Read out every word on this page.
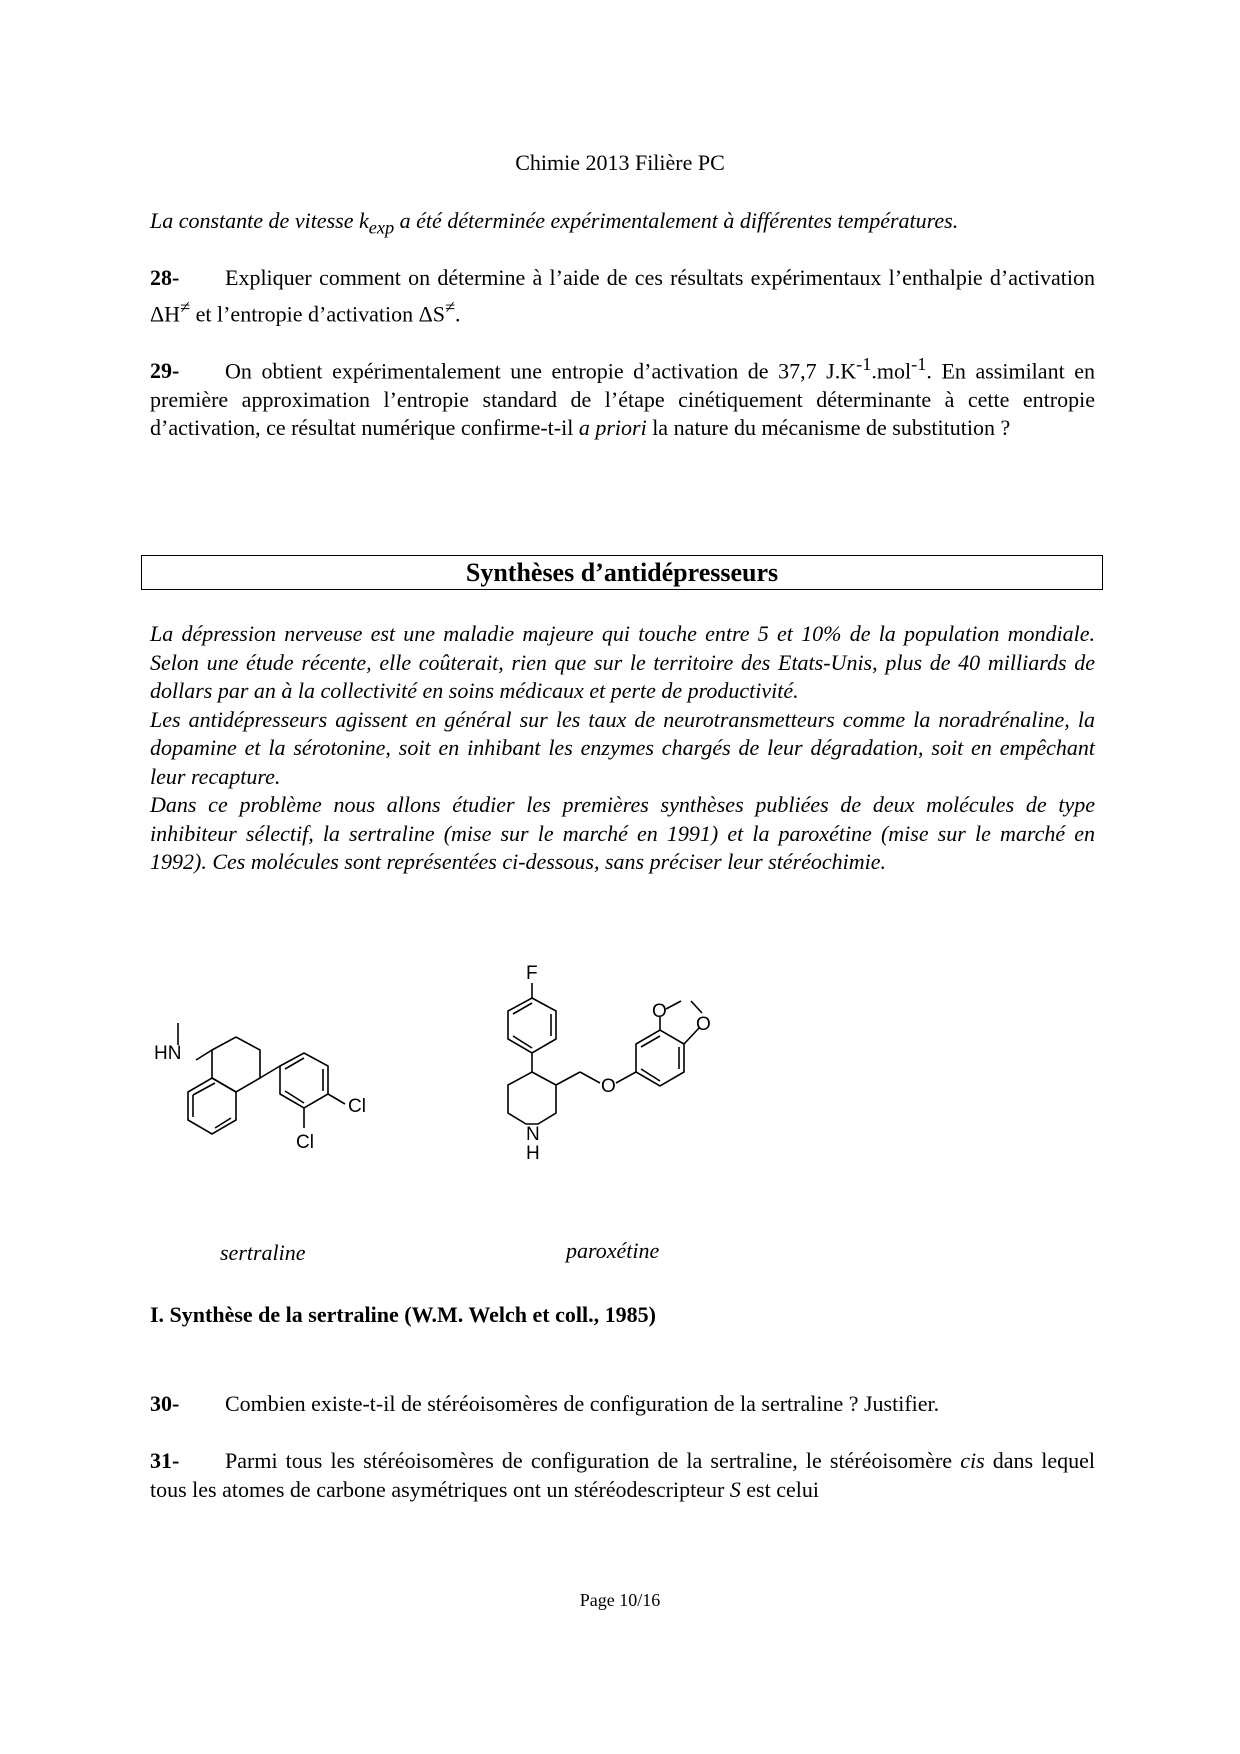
Chimie 2013 Filière PC
La constante de vitesse $k_{exp}$ a été déterminée expérimentalement à différentes températures.
28- Expliquer comment on détermine à l’aide de ces résultats expérimentaux l’enthalpie d’activation ΔH≠ et l’entropie d’activation ΔS≠.
29- On obtient expérimentalement une entropie d’activation de 37,7 $J.K^{-1}.mol^{-1}$. En assimilant en première approximation l’entropie standard de l’étape cinétiquement déterminante à cette entropie d’activation, ce résultat numérique confirme-t-il a priori la nature du mécanisme de substitution ?
Synthèses d’antidépresseurs

La dépression nerveuse est une maladie majeure qui touche entre 5 et 10% de la population mondiale. Selon une étude récente, elle coûterait, rien que sur le territoire des Etats-Unis, plus de 40 milliards de dollars par an à la collectivité en soins médicaux et perte de productivité.

Les antidépresseurs agissent en général sur les taux de neurotransmetteurs comme la noradrénaline, la dopamine et la sérotonine, soit en inhibant les enzymes chargés de leur dégradation, soit en empêchant leur recapture.

Dans ce problème nous allons étudier les premières synthèses publiées de deux molécules de type inhibiteur sélectif, la sertraline (mise sur le marché en 1991) et la paroxétine (mise sur le marché en 1992). Ces molécules sont représentées ci-dessous, sans préciser leur stéréochimie.

HN
Cl
Cl
F
N
H
O
O
O
sertraline	paroxétine
I. Synthèse de la sertraline (W.M. Welch et coll., 1985)
30- Combien existe-t-il de stéréoisomères de configuration de la sertraline ? Justifier.
31- Parmi tous les stéréoisomères de configuration de la sertraline, le stéréoisomère cis dans lequel tous les atomes de carbone asymétriques ont un stéréodescripteur S est celui
Page 10/16
